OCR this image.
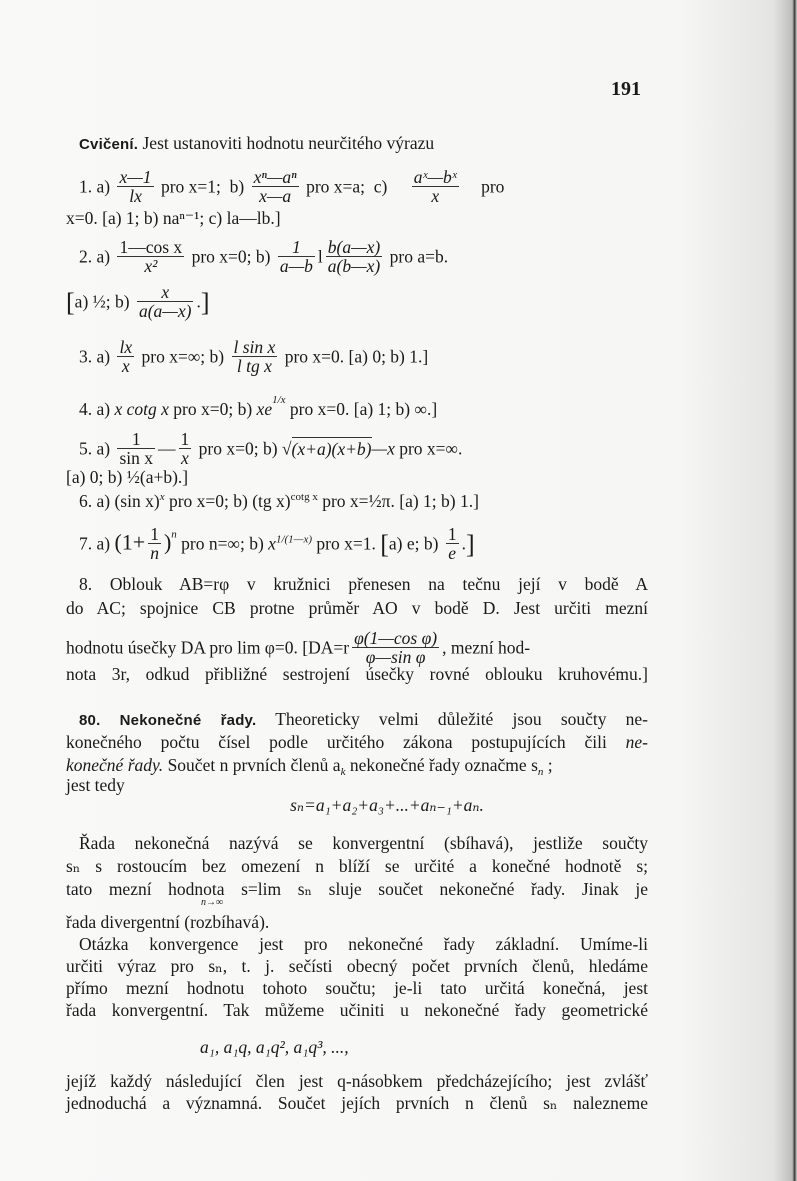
191
Cvičení. Jest ustanoviti hodnotu neurčitého výrazu
1. $a) \frac{x—1}{lx}$ pro x=1;  $b) \frac{\text{xⁿ—aⁿ}}{x—a}$ pro x=a;  $c) \frac{\text{aˣ—bˣ}}{x}$ pro
x=0. [a) 1; b) naⁿ⁻¹; c) la—lb.]
2. $a) \frac{\text{1—cos x}}{\text{x²}}$ pro x=0; $b) \frac{1}{a—b}$ l $\frac{b(a—x)}{a(b—x)}$ pro a=b.
[a) ½; $b) \frac{x}{a(a—x)}$ .]
3. $a) \frac{lx}{x}$ pro x=∞; $b) \frac{\text{l sin x}}{\text{l tg x}}$ pro x=0. [a) 0; b) 1.]
4. a) x cotg x pro x=0; b) $xe^{1/x}$ pro x=0. [a) 1; b) ∞.]
5. $a) \frac{1}{\text{sin x}}$ — $\frac{1}{x}$ pro x=0; b) √(x+a)(x+b)—x pro x=∞.
[a) 0; b) ½(a+b).]
6. a) (sin x)$^x$ pro x=0; b) (tg x)$^{cotg x}$ pro x=½π. [a) 1; b) 1.]
7. a) $(1+ \frac{1}{n} )^n$ pro n=∞; b) $x^{1/(1—x)}$ pro x=1. [a) e; $b) \frac{1}{e}$ .]
8. Oblouk AB=rφ v kružnici přenesen na tečnu její v bodě A
do AC; spojnice CB protne průměr AO v bodě D. Jest určiti mezní
hodnotu úsečky DA pro lim φ=0. [$DA=r \frac{\text{φ(1—cos φ)}}{\text{φ—sin φ}}$ , mezní hod-
nota 3r, odkud přibližné sestrojení úsečky rovné oblouku kruhovému.]
80. Nekonečné řady. Theoreticky velmi důležité jsou součty ne-
konečného počtu čísel podle určitého zákona postupujících čili ne-
konečné řady. Součet n prvních členů $a_k$ nekonečné řady označme $s_n$ ;
jest tedy
sₙ=a₁+a₂+a₃+...+aₙ₋₁+aₙ.
Řada nekonečná nazývá se konvergentní (sbíhavá), jestliže součty
sₙ s rostoucím bez omezení n blíží se určité a konečné hodnotě s;
tato mezní hodnota s=lim sₙ sluje součet nekonečné řady. Jinak je
n→∞
řada divergentní (rozbíhavá).
Otázka konvergence jest pro nekonečné řady základní. Umíme-li
určiti výraz pro sₙ, t. j. sečísti obecný počet prvních členů, hledáme
přímo mezní hodnotu tohoto součtu; je-li tato určitá konečná, jest
řada konvergentní. Tak můžeme učiniti u nekonečné řady geometrické
a₁, a₁q, a₁q², a₁q³, ...,
jejíž každý následující člen jest q-násobkem předcházejícího; jest zvlášť
jednoduchá a významná. Součet jejích prvních n členů sₙ nalezneme
